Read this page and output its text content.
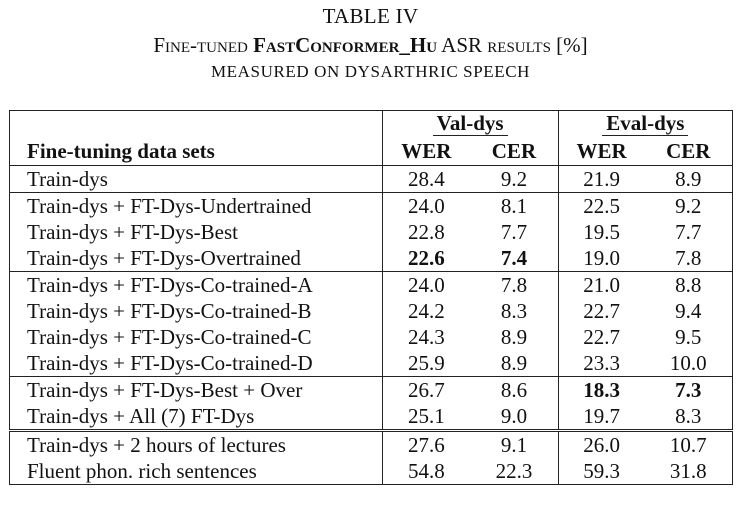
TABLE IV
Fine-tuned FastConformer_Hu ASR results [%]
MEASURED ON DYSARTHRIC SPEECH
	Val-dys		Eval-dys	
Fine-tuning data sets	WER	CER	WER	CER
Train-dys	28.4	9.2	21.9	8.9
Train-dys + FT-Dys-Undertrained	24.0	8.1	22.5	9.2
Train-dys + FT-Dys-Best	22.8	7.7	19.5	7.7
Train-dys + FT-Dys-Overtrained	22.6	7.4	19.0	7.8
Train-dys + FT-Dys-Co-trained-A	24.0	7.8	21.0	8.8
Train-dys + FT-Dys-Co-trained-B	24.2	8.3	22.7	9.4
Train-dys + FT-Dys-Co-trained-C	24.3	8.9	22.7	9.5
Train-dys + FT-Dys-Co-trained-D	25.9	8.9	23.3	10.0
Train-dys + FT-Dys-Best + Over	26.7	8.6	18.3	7.3
Train-dys + All (7) FT-Dys	25.1	9.0	19.7	8.3
Train-dys + 2 hours of lectures	27.6	9.1	26.0	10.7
Fluent phon. rich sentences	54.8	22.3	59.3	31.8
